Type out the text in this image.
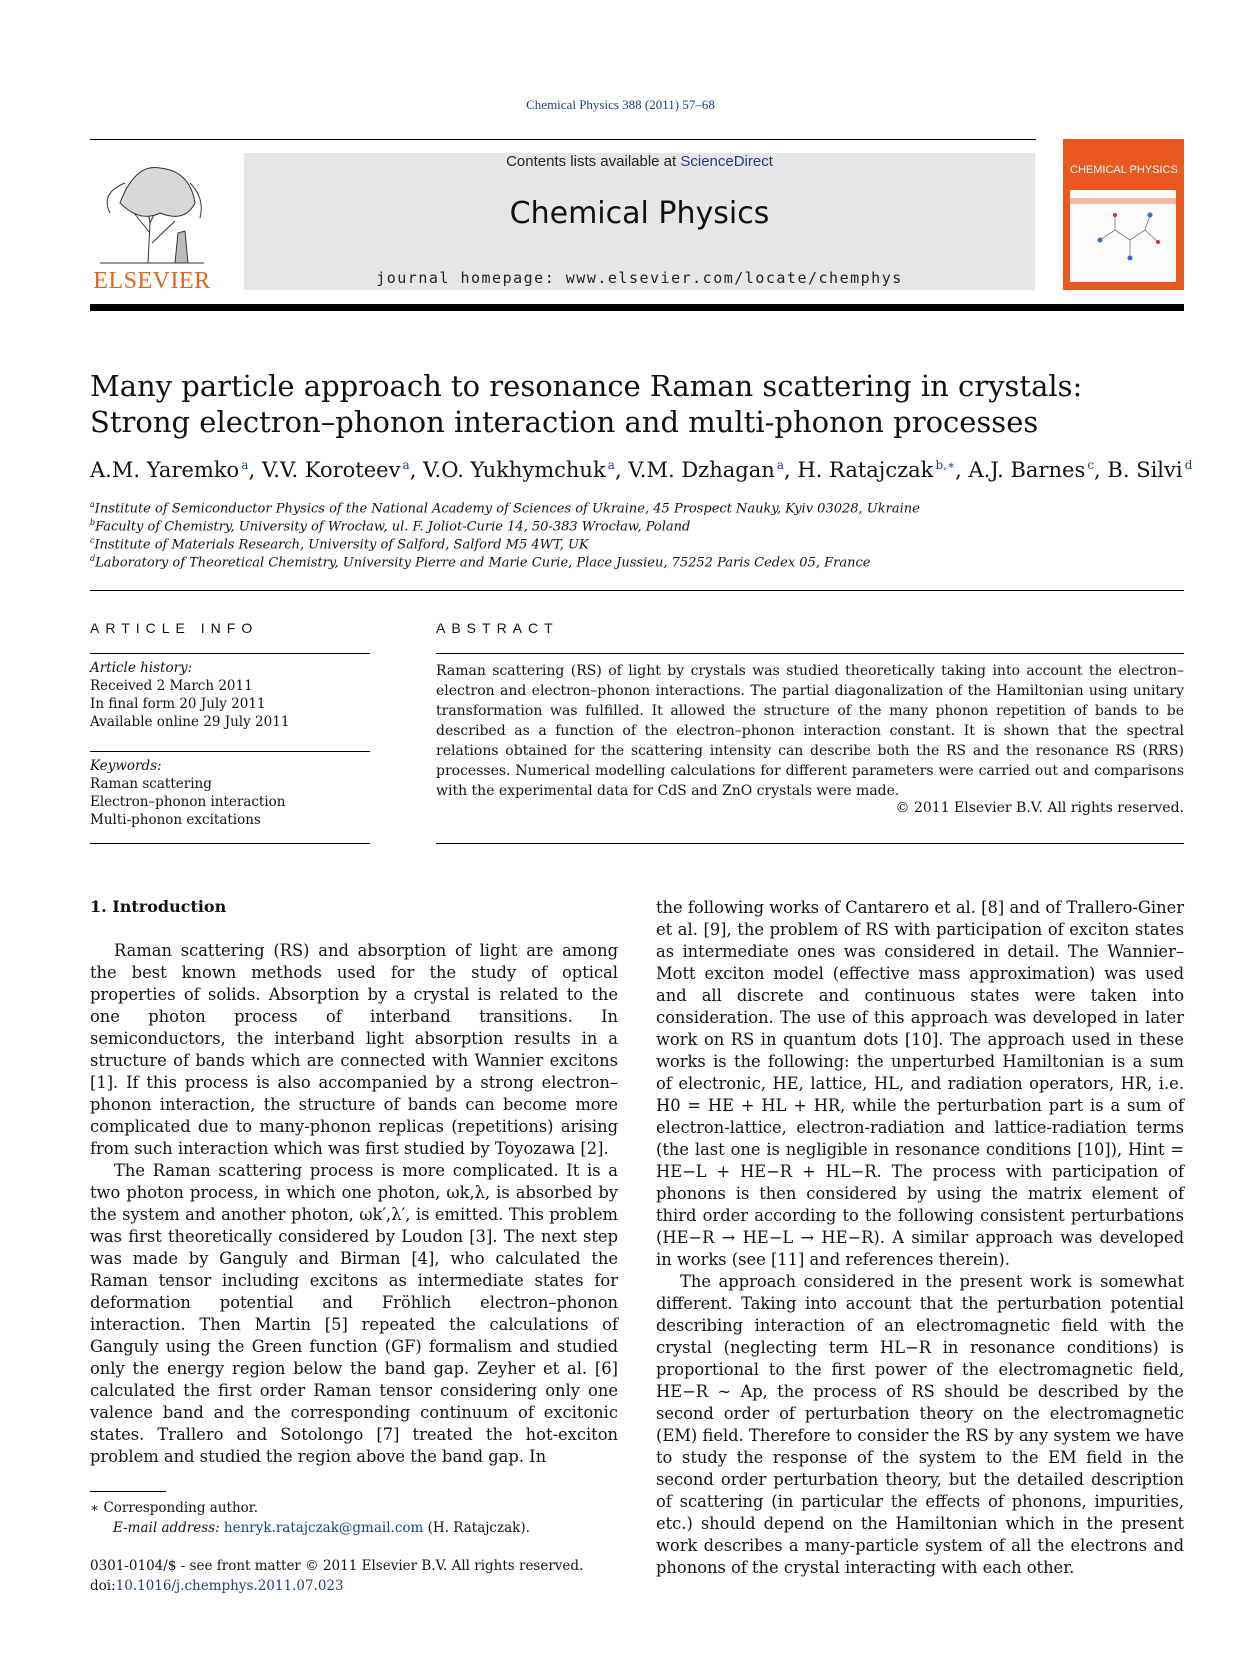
Chemical Physics 388 (2011) 57–68
ELSEVIER
Contents lists available at ScienceDirect
Chemical Physics
journal homepage: www.elsevier.com/locate/chemphys
CHEMICAL PHYSICS
Many particle approach to resonance Raman scattering in crystals: Strong electron–phonon interaction and multi-phonon processes
A.M. Yaremko  $^a$, V.V. Koroteev  $^a$, V.O. Yukhymchuk  $^a$, V.M. Dzhagan  $^a$, H. Ratajczak  $^{b,∗}$, A.J. Barnes  $^c$, B. Silvi  $^d$
$^a$Institute of Semiconductor Physics of the National Academy of Sciences of Ukraine, 45 Prospect Nauky, Kyiv 03028, Ukraine
$^b$Faculty of Chemistry, University of Wrocław, ul. F. Joliot-Curie 14, 50-383 Wrocław, Poland
$^c$Institute of Materials Research, University of Salford, Salford M5 4WT, UK
$^d$Laboratory of Theoretical Chemistry, University Pierre and Marie Curie, Place Jussieu, 75252 Paris Cedex 05, France
ARTICLE INFO
Article history:
Received 2 March 2011
In final form 20 July 2011
Available online 29 July 2011
Keywords:
Raman scattering
Electron–phonon interaction
Multi-phonon excitations
ABSTRACT
Raman scattering (RS) of light by crystals was studied theoretically taking into account the electron–electron and electron–phonon interactions. The partial diagonalization of the Hamiltonian using unitary transformation was fulfilled. It allowed the structure of the many phonon repetition of bands to be described as a function of the electron–phonon interaction constant. It is shown that the spectral relations obtained for the scattering intensity can describe both the RS and the resonance RS (RRS) processes. Numerical modelling calculations for different parameters were carried out and comparisons with the experimental data for CdS and ZnO crystals were made.
© 2011 Elsevier B.V. All rights reserved.
1. Introduction

Raman scattering (RS) and absorption of light are among the best known methods used for the study of optical properties of solids. Absorption by a crystal is related to the one photon process of interband transitions. In semiconductors, the interband light absorption results in a structure of bands which are connected with Wannier excitons [1]. If this process is also accompanied by a strong electron–phonon interaction, the structure of bands can become more complicated due to many-phonon replicas (repetitions) arising from such interaction which was first studied by Toyozawa [2].

The Raman scattering process is more complicated. It is a two photon process, in which one photon, ωk,λ, is absorbed by the system and another photon, ωk′,λ′, is emitted. This problem was first theoretically considered by Loudon [3]. The next step was made by Ganguly and Birman [4], who calculated the Raman tensor including excitons as intermediate states for deformation potential and Fröhlich electron–phonon interaction. Then Martin [5] repeated the calculations of Ganguly using the Green function (GF) formalism and studied only the energy region below the band gap. Zeyher et al. [6] calculated the first order Raman tensor considering only one valence band and the corresponding continuum of excitonic states. Trallero and Sotolongo [7] treated the hot-exciton problem and studied the region above the band gap. In

the following works of Cantarero et al. [8] and of Trallero-Giner et al. [9], the problem of RS with participation of exciton states as intermediate ones was considered in detail. The Wannier–Mott exciton model (effective mass approximation) was used and all discrete and continuous states were taken into consideration. The use of this approach was developed in later work on RS in quantum dots [10]. The approach used in these works is the following: the unperturbed Hamiltonian is a sum of electronic, HE, lattice, HL, and radiation operators, HR, i.e. H0 = HE + HL + HR, while the perturbation part is a sum of electron-lattice, electron-radiation and lattice-radiation terms (the last one is negligible in resonance conditions [10]), Hint = HE−L + HE−R + HL−R. The process with participation of phonons is then considered by using the matrix element of third order according to the following consistent perturbations (HE−R → HE−L → HE−R). A similar approach was developed in works (see [11] and references therein).

The approach considered in the present work is somewhat different. Taking into account that the perturbation potential describing interaction of an electromagnetic field with the crystal (neglecting term HL−R in resonance conditions) is proportional to the first power of the electromagnetic field, HE−R ∼ Ap, the process of RS should be described by the second order of perturbation theory on the electromagnetic (EM) field. Therefore to consider the RS by any system we have to study the response of the system to the EM field in the second order perturbation theory, but the detailed description of scattering (in particular the effects of phonons, impurities, etc.) should depend on the Hamiltonian which in the present work describes a many-particle system of all the electrons and phonons of the crystal interacting with each other.

∗ Corresponding author.
E-mail address: henryk.ratajczak@gmail.com (H. Ratajczak).
0301-0104/$ - see front matter © 2011 Elsevier B.V. All rights reserved.
doi:10.1016/j.chemphys.2011.07.023
